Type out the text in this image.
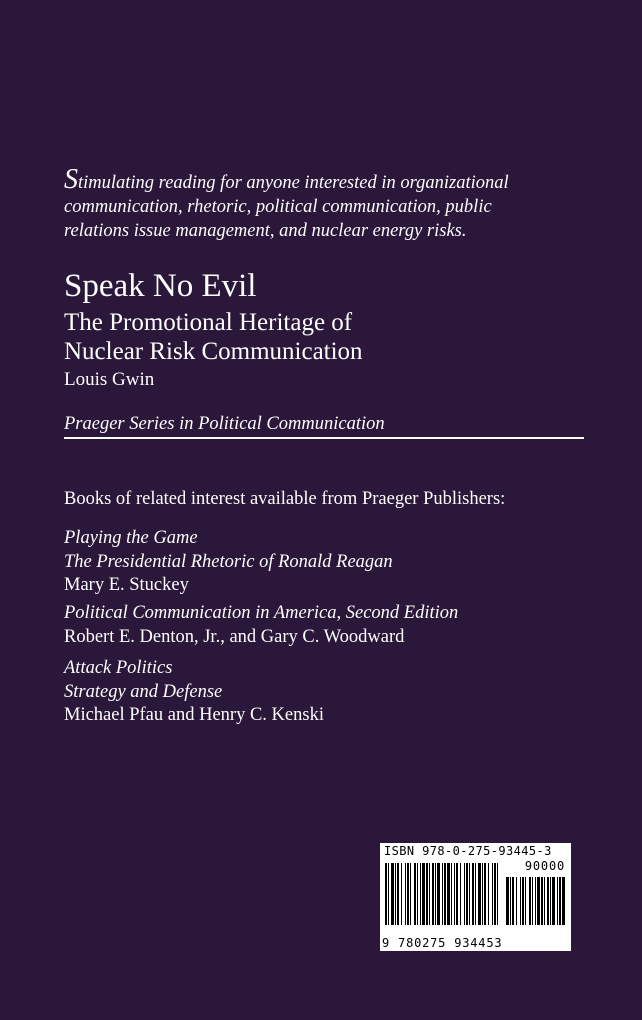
Stimulating reading for anyone interested in organizational
communication, rhetoric, political communication, public
relations issue management, and nuclear energy risks.
Speak No Evil
The Promotional Heritage of
Nuclear Risk Communication
Louis Gwin
Praeger Series in Political Communication
Books of related interest available from Praeger Publishers:
Playing the Game
The Presidential Rhetoric of Ronald Reagan
Mary E. Stuckey
Political Communication in America, Second Edition
Robert E. Denton, Jr., and Gary C. Woodward
Attack Politics
Strategy and Defense
Michael Pfau and Henry C. Kenski
ISBN 978-0-275-93445-3
90000
9 780275 934453
